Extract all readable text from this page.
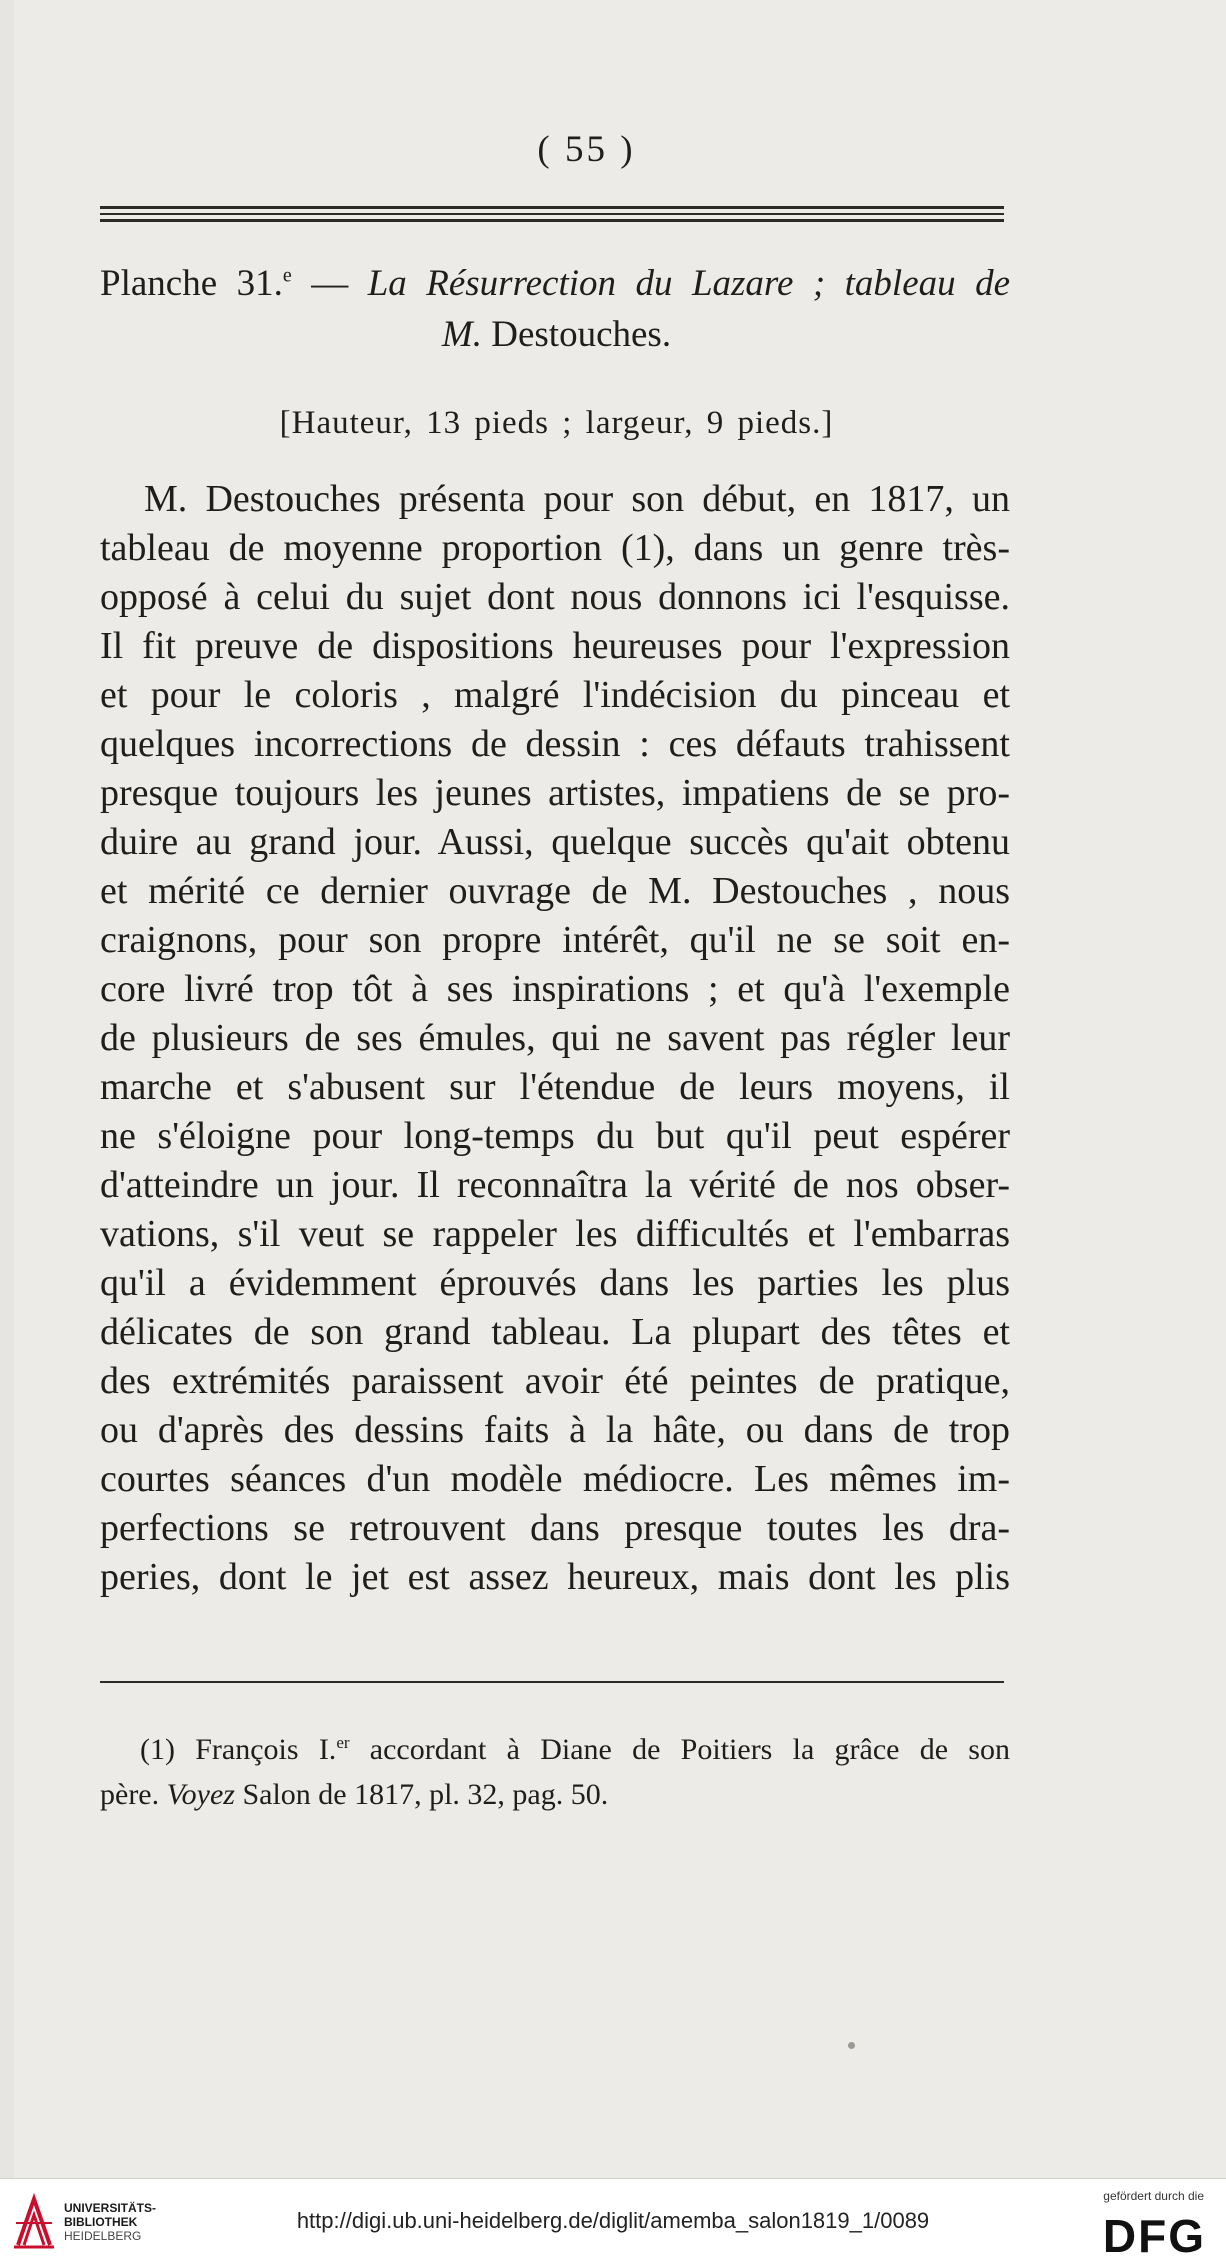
( 55 )
Planche 31.$^e$ — La Résurrection du Lazare ; tableau de
M. Destouches.
[Hauteur, 13 pieds ; largeur, 9 pieds.]
M. Destouches présenta pour son début, en 1817, un
tableau de moyenne proportion (1), dans un genre très-
opposé à celui du sujet dont nous donnons ici l'esquisse.
Il fit preuve de dispositions heureuses pour l'expression
et pour le coloris , malgré l'indécision du pinceau et
quelques incorrections de dessin : ces défauts trahissent
presque toujours les jeunes artistes, impatiens de se pro-
duire au grand jour. Aussi, quelque succès qu'ait obtenu
et mérité ce dernier ouvrage de M. Destouches , nous
craignons, pour son propre intérêt, qu'il ne se soit en-
core livré trop tôt à ses inspirations ; et qu'à l'exemple
de plusieurs de ses émules, qui ne savent pas régler leur
marche et s'abusent sur l'étendue de leurs moyens, il
ne s'éloigne pour long-temps du but qu'il peut espérer
d'atteindre un jour. Il reconnaîtra la vérité de nos obser-
vations, s'il veut se rappeler les difficultés et l'embarras
qu'il a évidemment éprouvés dans les parties les plus
délicates de son grand tableau. La plupart des têtes et
des extrémités paraissent avoir été peintes de pratique,
ou d'après des dessins faits à la hâte, ou dans de trop
courtes séances d'un modèle médiocre. Les mêmes im-
perfections se retrouvent dans presque toutes les dra-
peries, dont le jet est assez heureux, mais dont les plis
(1) François I.$^{er}$ accordant à Diane de Poitiers la grâce de son
père. Voyez Salon de 1817, pl. 32, pag. 50.
UNIVERSITÄTS-
BIBLIOTHEK
HEIDELBERG
http://digi.ub.uni-heidelberg.de/diglit/amemba_salon1819_1/0089
gefördert durch die
DFG
